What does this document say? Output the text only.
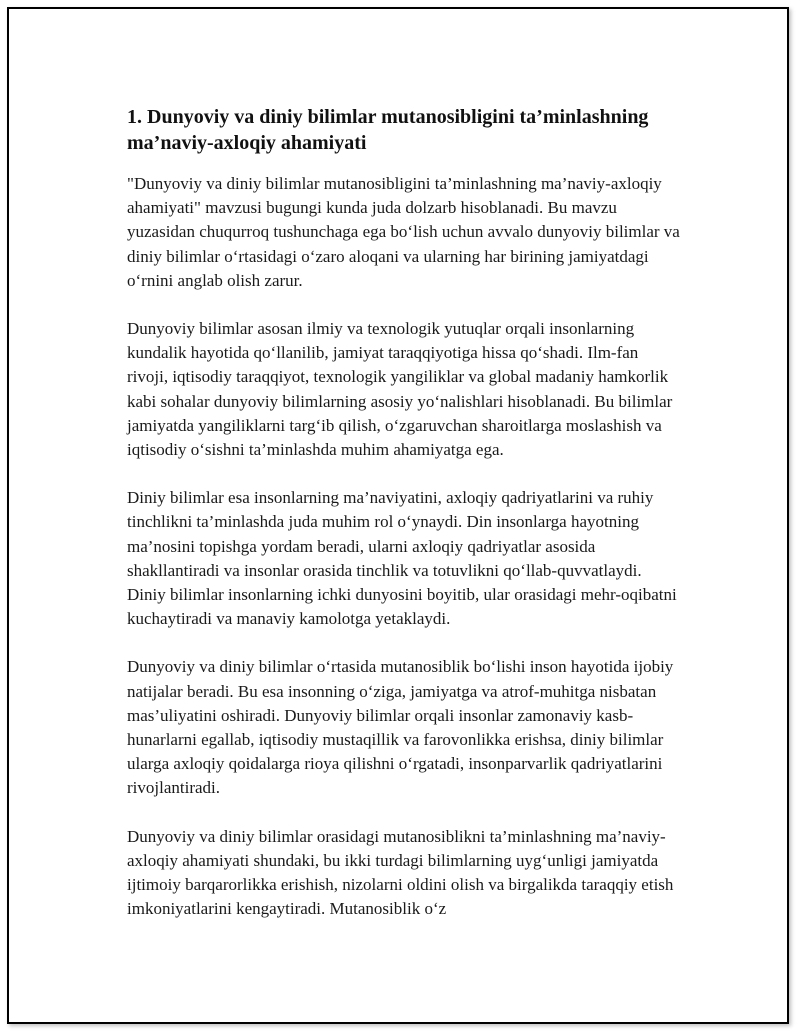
1. Dunyoviy va diniy bilimlar mutanosibligini ta’minlashning ma’naviy-axloqiy ahamiyati

"Dunyoviy va diniy bilimlar mutanosibligini ta’minlashning ma’naviy-axloqiy ahamiyati" mavzusi bugungi kunda juda dolzarb hisoblanadi. Bu mavzu yuzasidan chuqurroq tushunchaga ega bo‘lish uchun avvalo dunyoviy bilimlar va diniy bilimlar o‘rtasidagi o‘zaro aloqani va ularning har birining jamiyatdagi o‘rnini anglab olish zarur.

Dunyoviy bilimlar asosan ilmiy va texnologik yutuqlar orqali insonlarning kundalik hayotida qo‘llanilib, jamiyat taraqqiyotiga hissa qo‘shadi. Ilm-fan rivoji, iqtisodiy taraqqiyot, texnologik yangiliklar va global madaniy hamkorlik kabi sohalar dunyoviy bilimlarning asosiy yo‘nalishlari hisoblanadi. Bu bilimlar jamiyatda yangiliklarni targ‘ib qilish, o‘zgaruvchan sharoitlarga moslashish va iqtisodiy o‘sishni ta’minlashda muhim ahamiyatga ega.

Diniy bilimlar esa insonlarning ma’naviyatini, axloqiy qadriyatlarini va ruhiy tinchlikni ta’minlashda juda muhim rol o‘ynaydi. Din insonlarga hayotning ma’nosini topishga yordam beradi, ularni axloqiy qadriyatlar asosida shakllantiradi va insonlar orasida tinchlik va totuvlikni qo‘llab-quvvatlaydi. Diniy bilimlar insonlarning ichki dunyosini boyitib, ular orasidagi mehr-oqibatni kuchaytiradi va manaviy kamolotga yetaklaydi.

Dunyoviy va diniy bilimlar o‘rtasida mutanosiblik bo‘lishi inson hayotida ijobiy natijalar beradi. Bu esa insonning o‘ziga, jamiyatga va atrof-muhitga nisbatan mas’uliyatini oshiradi. Dunyoviy bilimlar orqali insonlar zamonaviy kasb-hunarlarni egallab, iqtisodiy mustaqillik va farovonlikka erishsa, diniy bilimlar ularga axloqiy qoidalarga rioya qilishni o‘rgatadi, insonparvarlik qadriyatlarini rivojlantiradi.

Dunyoviy va diniy bilimlar orasidagi mutanosiblikni ta’minlashning ma’naviy-axloqiy ahamiyati shundaki, bu ikki turdagi bilimlarning uyg‘unligi jamiyatda ijtimoiy barqarorlikka erishish, nizolarni oldini olish va birgalikda taraqqiy etish imkoniyatlarini kengaytiradi. Mutanosiblik o‘z
